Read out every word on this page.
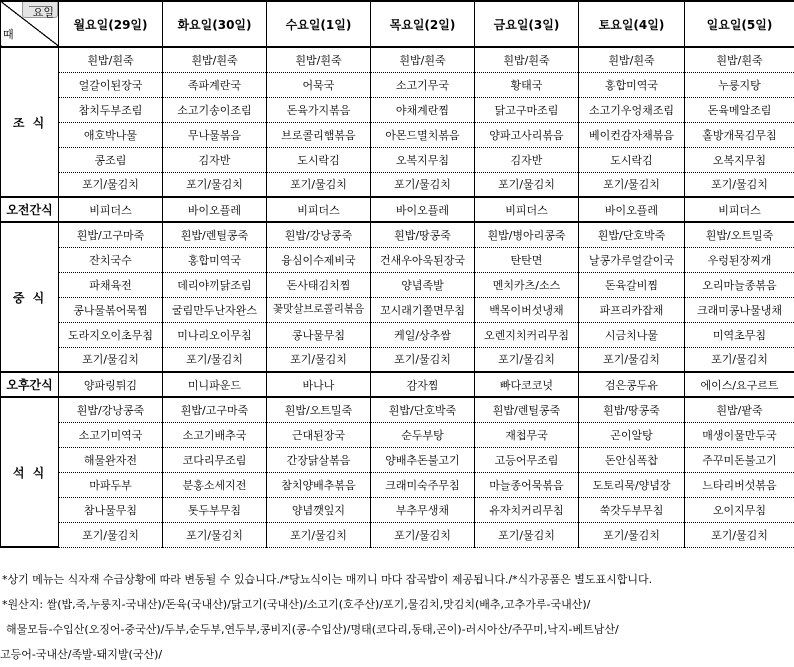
요일
때	월요일(29일)	화요일(30일)	수요일(1일)	목요일(2일)	금요일(3일)	토요일(4일)	일요일(5일)
조 식	흰밥/흰죽	흰밥/흰죽	흰밥/흰죽	흰밥/흰죽	흰밥/흰죽	흰밥/흰죽	흰밥/흰죽
	얼갈이된장국	족파계란국	어묵국	소고기무국	황태국	홍합미역국	누룽지탕
	참치두부조림	소고기송이조림	돈육가지볶음	야채계란찜	닭고구마조림	소고기우엉채조림	돈육메알조림
	애호박나물	무나물볶음	브로콜리햄볶음	아몬드멸치볶음	양파고사리볶음	베이컨감자채볶음	홀방개묵김무침
	콩조림	김자반	도시락김	오복지무침	김자반	도시락김	오복지무침
	포기/물김치	포기/물김치	포기/물김치	포기/물김치	포기/물김치	포기/물김치	포기/물김치
오전간식	비피더스	바이오플레	비피더스	바이오플레	비피더스	바이오플레	비피더스
중 식	흰밥/고구마죽	흰밥/렌틸콩죽	흰밥/강낭콩죽	흰밥/땅콩죽	흰밥/병아리콩죽	흰밥/단호박죽	흰밥/오트밀죽
	잔치국수	홍합미역국	융심이수제비국	건새우아욱된장국	탄탄면	날콩가루얼갈이국	우렁된장찌개
	파채육전	데리야끼닭조림	돈사태김치찜	양념족발	멘치카츠/소스	돈육갈비찜	오리마늘종볶음
	콩나물볶어묵찜	굴림만두난자완스	꽃맛살브로콜리볶음	꼬시래기쫄면무침	백목이버섯냉채	파프리카잡채	크래미콩나물냉채
	도라지오이초무침	미나리오이무침	콩나물무침	케일/상추쌈	오렌지치커리무침	시금치나물	미역초무침
	포기/물김치	포기/물김치	포기/물김치	포기/물김치	포기/물김치	포기/물김치	포기/물김치
오후간식	양파링튀김	미니파운드	바나나	감자찜	빠다코코넛	검은콩두유	에이스/요구르트
석 식	흰밥/강낭콩죽	흰밥/고구마죽	흰밥/오트밀죽	흰밥/단호박죽	흰밥/렌틸콩죽	흰밥/땅콩죽	흰밥/팥죽
	소고기미역국	소고기배추국	근대된장국	순두부탕	재첩무국	곤이알탕	매생이물만두국
	해물완자전	코다리무조림	간장닭살볶음	양배추돈불고기	고등어무조림	돈안심폭찹	주꾸미돈불고기
	마파두부	분홍소세지전	참치양배추볶음	크래미숙주무침	마늘종어묵볶음	도토리묵/양념장	느타리버섯볶음
	참나물무침	톳두부무침	양념깻잎지	부추무생채	유자치커리무침	쑥갓두부무침	오이지무침
	포기/물김치	포기/물김치	포기/물김치	포기/물김치	포기/물김치	포기/물김치	포기/물김치
*상기 메뉴는 식자재 수급상황에 따라 변동될 수 있습니다./*당뇨식이는 매끼니 마다 잡곡밥이 제공됩니다./*식가공품은 별도표시합니다.
*원산지: 쌀(밥,죽,누룽지-국내산)/돈육(국내산)/닭고기(국내산)/소고기(호주산)/포기,물김치,맛김치(배추,고추가루-국내산)/
해물모듬-수입산(오징어-중국산)/두부,순두부,연두부,콩비지(콩-수입산)/명태(코다리,동태,곤이)-러시아산/주꾸미,낙지-베트남산/
고등어-국내산/족발-돼지발(국산)/
